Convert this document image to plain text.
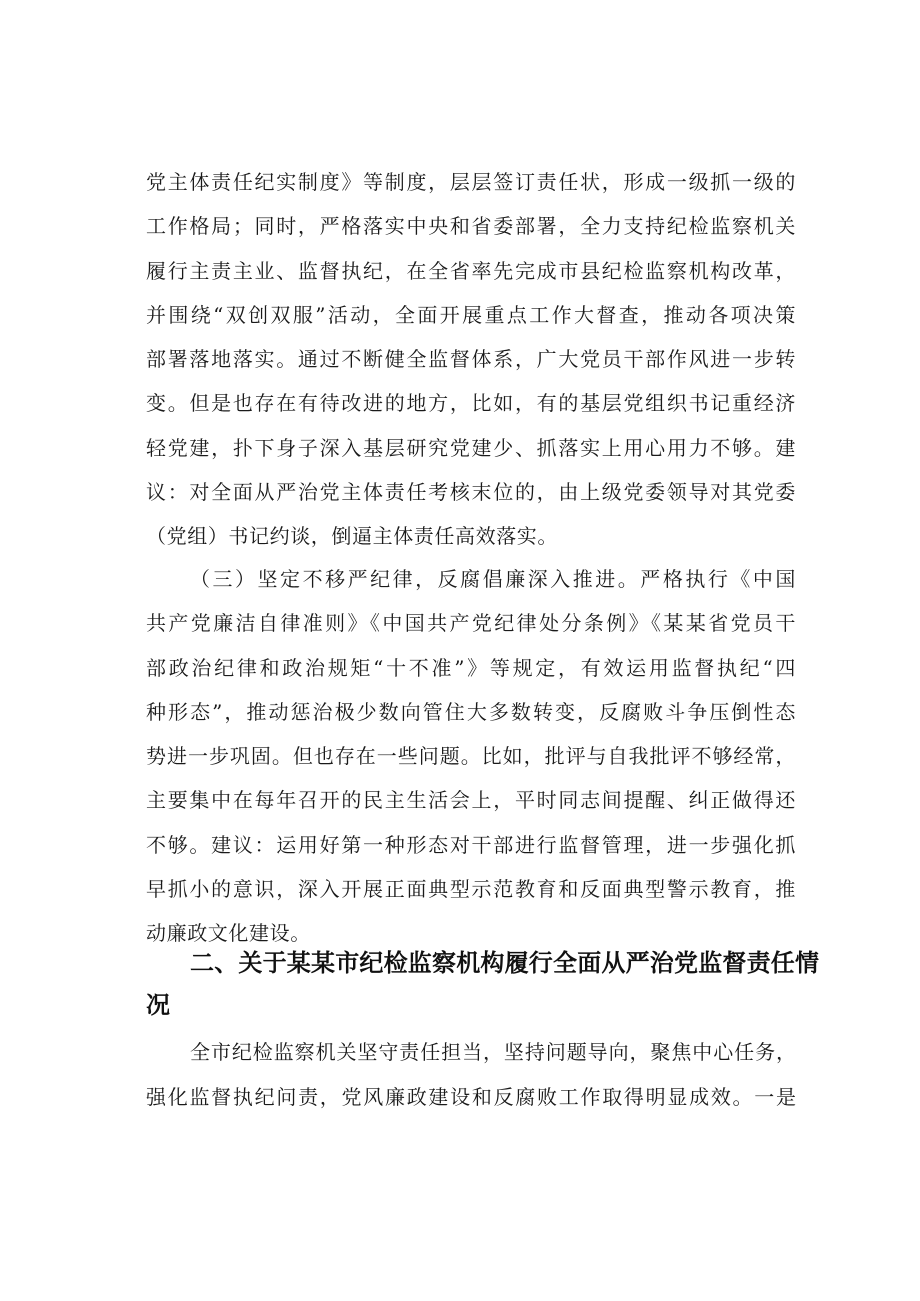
党主体责任纪实制度》等制度，层层签订责任状，形成一级抓一级的
工作格局；同时，严格落实中央和省委部署，全力支持纪检监察机关
履行主责主业、监督执纪，在全省率先完成市县纪检监察机构改革，
并围绕“双创双服”活动，全面开展重点工作大督查，推动各项决策
部署落地落实。通过不断健全监督体系，广大党员干部作风进一步转
变。但是也存在有待改进的地方，比如，有的基层党组织书记重经济
轻党建，扑下身子深入基层研究党建少、抓落实上用心用力不够。建
议：对全面从严治党主体责任考核末位的，由上级党委领导对其党委
（党组）书记约谈，倒逼主体责任高效落实。

（三）坚定不移严纪律，反腐倡廉深入推进。严格执行《中国
共产党廉洁自律准则》《中国共产党纪律处分条例》《某某省党员干
部政治纪律和政治规矩“十不准”》等规定，有效运用监督执纪“四
种形态”，推动惩治极少数向管住大多数转变，反腐败斗争压倒性态
势进一步巩固。但也存在一些问题。比如，批评与自我批评不够经常，
主要集中在每年召开的民主生活会上，平时同志间提醒、纠正做得还
不够。建议：运用好第一种形态对干部进行监督管理，进一步强化抓
早抓小的意识，深入开展正面典型示范教育和反面典型警示教育，推
动廉政文化建设。

二、关于某某市纪检监察机构履行全面从严治党监督责任情
况

全市纪检监察机关坚守责任担当，坚持问题导向，聚焦中心任务，
强化监督执纪问责，党风廉政建设和反腐败工作取得明显成效。一是
